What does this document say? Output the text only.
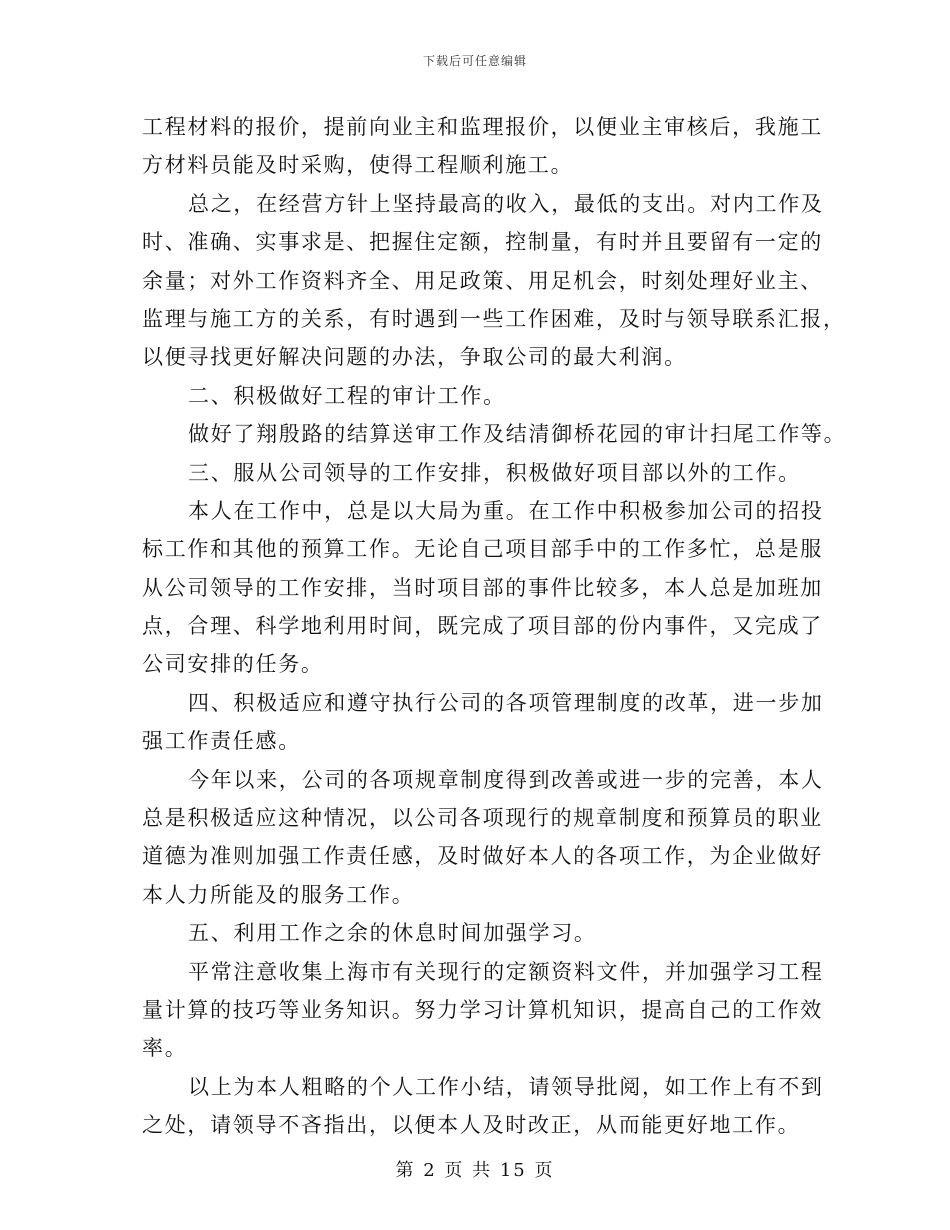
下载后可任意编辑
工程材料的报价，提前向业主和监理报价，以便业主审核后，我施工
方材料员能及时采购，使得工程顺利施工。
总之，在经营方针上坚持最高的收入，最低的支出。对内工作及
时、准确、实事求是、把握住定额，控制量，有时并且要留有一定的
余量；对外工作资料齐全、用足政策、用足机会，时刻处理好业主、
监理与施工方的关系，有时遇到一些工作困难，及时与领导联系汇报，
以便寻找更好解决问题的办法，争取公司的最大利润。
二、积极做好工程的审计工作。
做好了翔殷路的结算送审工作及结清御桥花园的审计扫尾工作等。
三、服从公司领导的工作安排，积极做好项目部以外的工作。
本人在工作中，总是以大局为重。在工作中积极参加公司的招投
标工作和其他的预算工作。无论自己项目部手中的工作多忙，总是服
从公司领导的工作安排，当时项目部的事件比较多，本人总是加班加
点，合理、科学地利用时间，既完成了项目部的份内事件，又完成了
公司安排的任务。
四、积极适应和遵守执行公司的各项管理制度的改革，进一步加
强工作责任感。
今年以来，公司的各项规章制度得到改善或进一步的完善，本人
总是积极适应这种情况，以公司各项现行的规章制度和预算员的职业
道德为准则加强工作责任感，及时做好本人的各项工作，为企业做好
本人力所能及的服务工作。
五、利用工作之余的休息时间加强学习。
平常注意收集上海市有关现行的定额资料文件，并加强学习工程
量计算的技巧等业务知识。努力学习计算机知识，提高自己的工作效
率。
以上为本人粗略的个人工作小结，请领导批阅，如工作上有不到
之处，请领导不吝指出，以便本人及时改正，从而能更好地工作。
第 2 页 共 15 页
